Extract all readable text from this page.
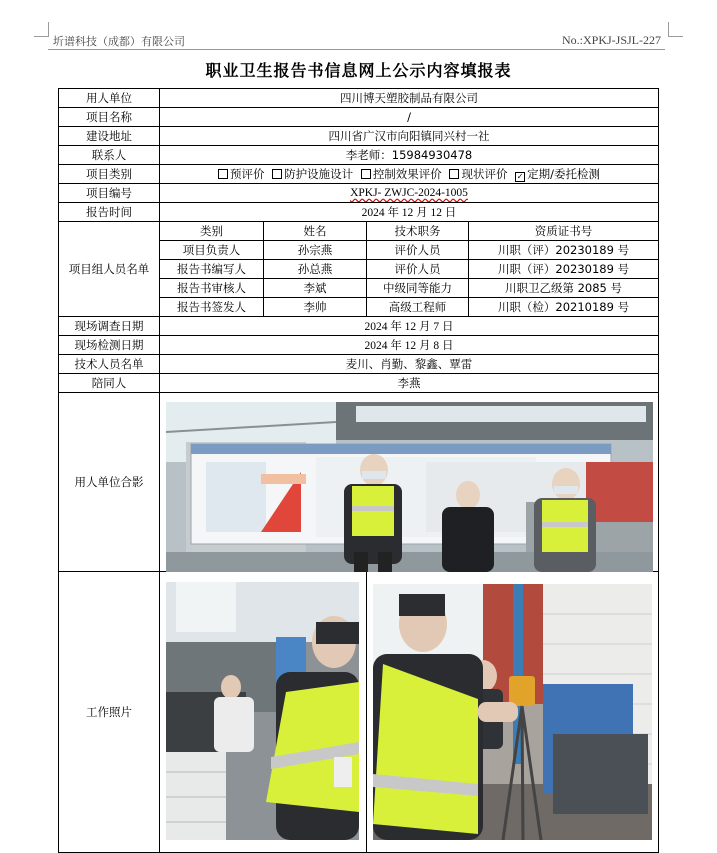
圻谱科技（成都）有限公司	No.:XPKJ-JSJL-227
职业卫生报告书信息网上公示内容填报表
用人单位	四川博天塑胶制品有限公司			
项目名称	/			
建设地址	四川省广汉市向阳镇同兴村一社			
联系人	李老师：15984930478			
项目类别	预评价 防护设施设计 控制效果评价 现状评价 ✓ 定期/委托检测			
项目编号	XPKJ- ZWJC-2024-1005			
报告时间	2024 年 12 月 12 日			
项目组人员名单	类别	姓名	技术职务	资质证书号
	项目负责人	孙宗燕	评价人员	川职（评）20230189 号
	报告书编写人	孙总燕	评价人员	川职（评）20230189 号
	报告书审核人	李斌	中级同等能力	川职卫乙级第 2085 号
	报告书签发人	李帅	高级工程师	川职（检）20210189 号
现场调查日期	2024 年 12 月 7 日			
现场检测日期	2024 年 12 月 8 日			
技术人员名单	麦川、肖勤、黎鑫、覃雷			
陪同人	李燕			
用人单位合影				
工作照片				
